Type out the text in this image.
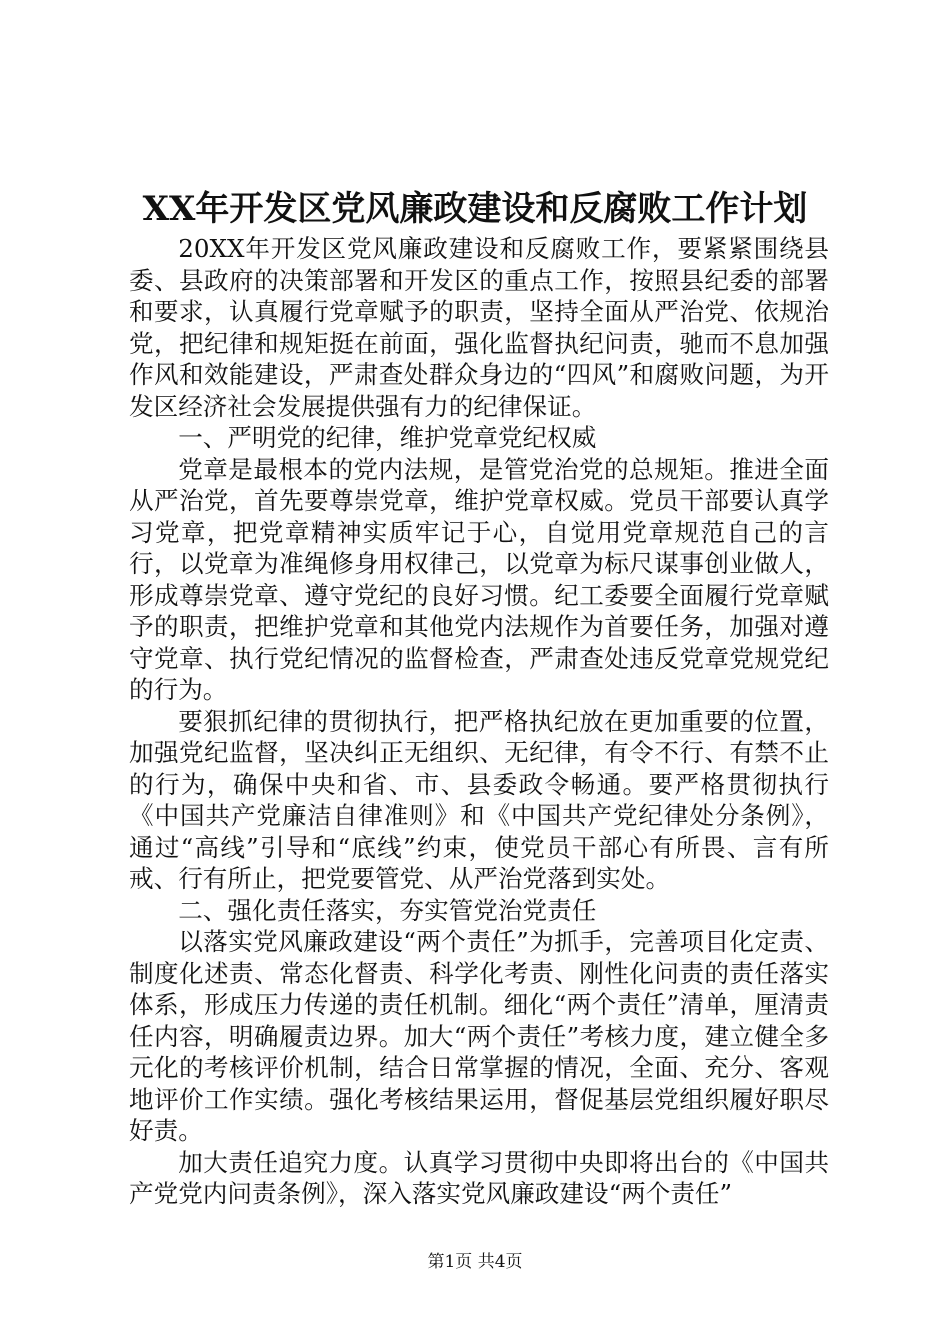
XX年开发区党风廉政建设和反腐败工作计划

20XX年开发区党风廉政建设和反腐败工作，要紧紧围绕县委、县政府的决策部署和开发区的重点工作，按照县纪委的部署和要求，认真履行党章赋予的职责，坚持全面从严治党、依规治党，把纪律和规矩挺在前面，强化监督执纪问责，驰而不息加强作风和效能建设，严肃查处群众身边的“四风”和腐败问题，为开发区经济社会发展提供强有力的纪律保证。

一、严明党的纪律，维护党章党纪权威

党章是最根本的党内法规，是管党治党的总规矩。推进全面从严治党，首先要尊崇党章，维护党章权威。党员干部要认真学习党章，把党章精神实质牢记于心，自觉用党章规范自己的言行，以党章为准绳修身用权律己，以党章为标尺谋事创业做人，形成尊崇党章、遵守党纪的良好习惯。纪工委要全面履行党章赋予的职责，把维护党章和其他党内法规作为首要任务，加强对遵守党章、执行党纪情况的监督检查，严肃查处违反党章党规党纪的行为。

要狠抓纪律的贯彻执行，把严格执纪放在更加重要的位置，加强党纪监督，坚决纠正无组织、无纪律，有令不行、有禁不止的行为，确保中央和省、市、县委政令畅通。要严格贯彻执行《中国共产党廉洁自律准则》和《中国共产党纪律处分条例》，通过“高线”引导和“底线”约束，使党员干部心有所畏、言有所戒、行有所止，把党要管党、从严治党落到实处。

二、强化责任落实，夯实管党治党责任

以落实党风廉政建设“两个责任”为抓手，完善项目化定责、制度化述责、常态化督责、科学化考责、刚性化问责的责任落实体系，形成压力传递的责任机制。细化“两个责任”清单，厘清责任内容，明确履责边界。加大“两个责任”考核力度，建立健全多元化的考核评价机制，结合日常掌握的情况，全面、充分、客观地评价工作实绩。强化考核结果运用，督促基层党组织履好职尽好责。

加大责任追究力度。认真学习贯彻中央即将出台的《中国共产党党内问责条例》，深入落实党风廉政建设“两个责任”

第1页 共4页
